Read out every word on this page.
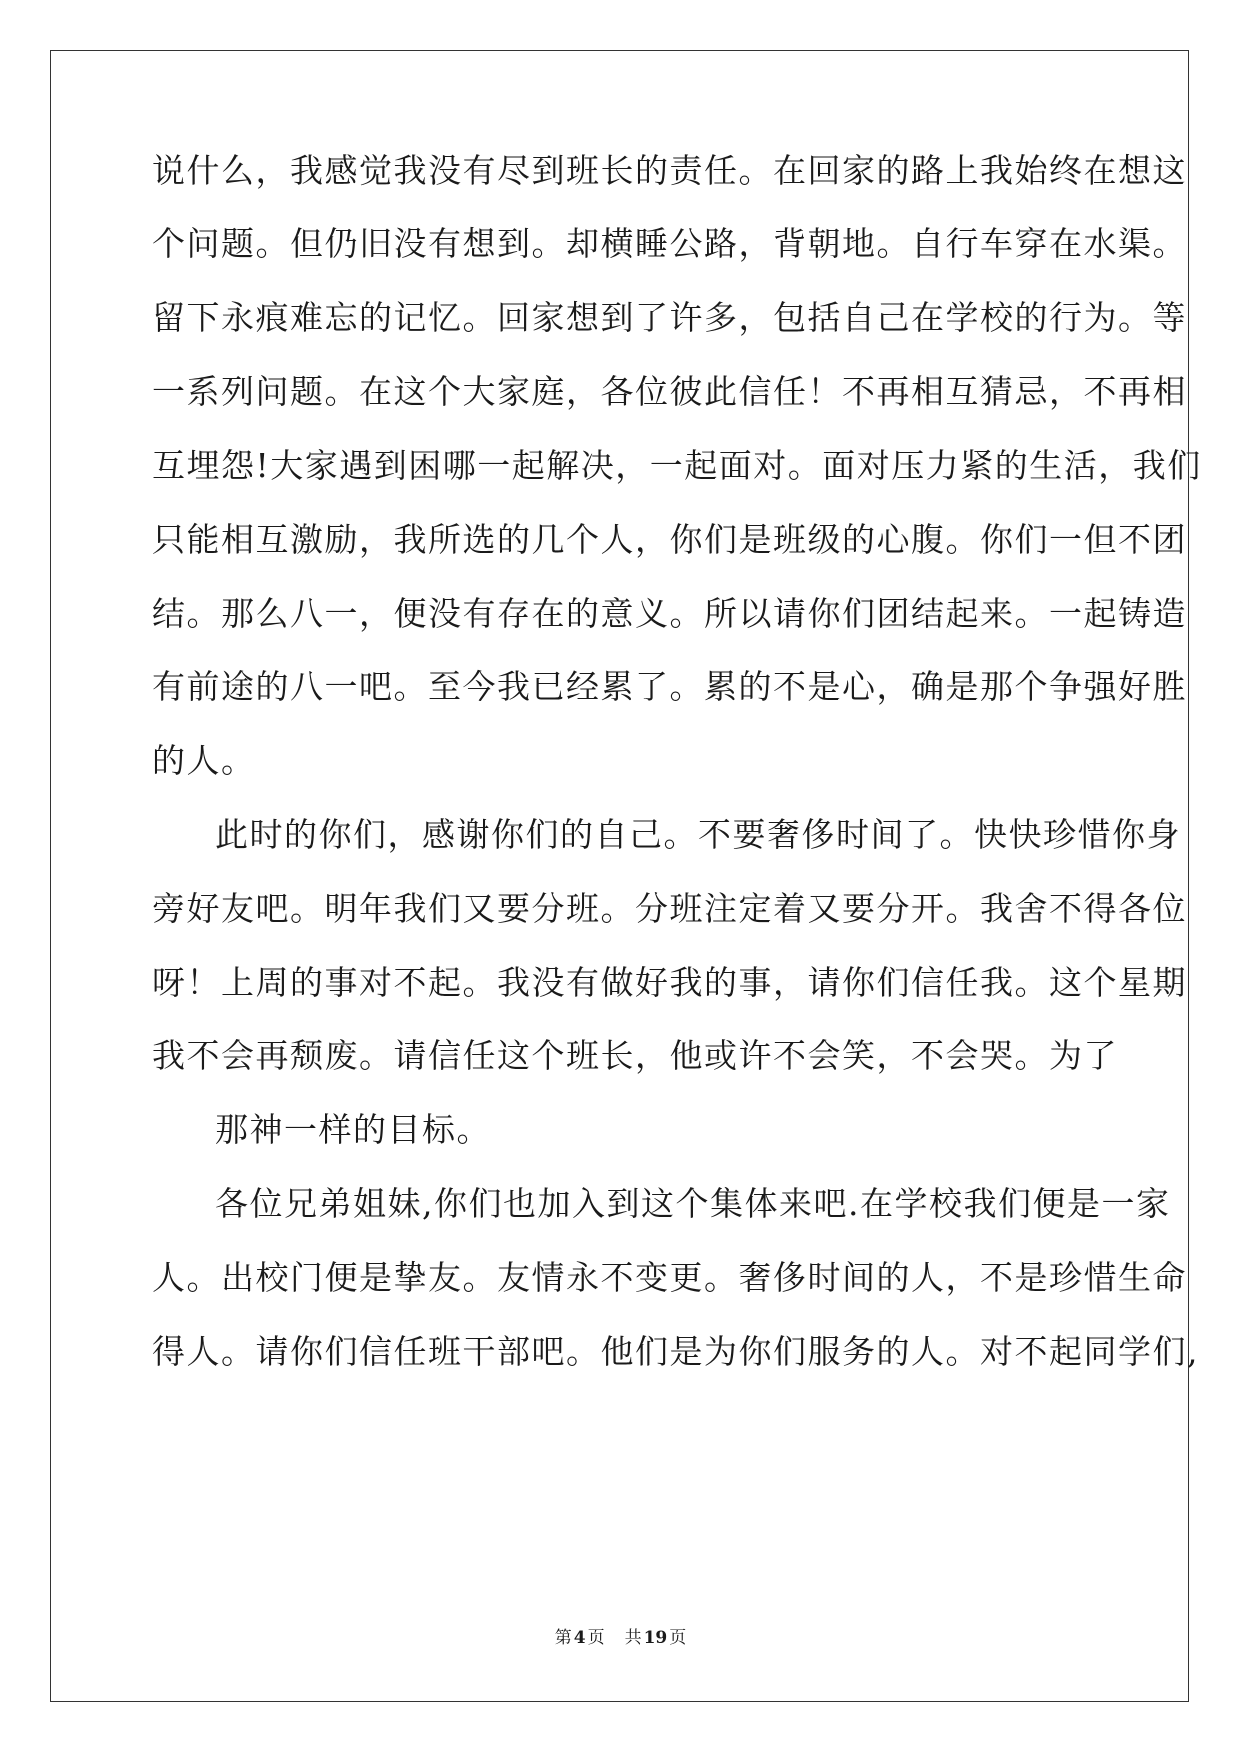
说什么，我感觉我没有尽到班长的责任。在回家的路上我始终在想这
个问题。但仍旧没有想到。却横睡公路，背朝地。自行车穿在水渠。
留下永痕难忘的记忆。回家想到了许多，包括自己在学校的行为。等
一系列问题。在这个大家庭，各位彼此信任！不再相互猜忌，不再相
互埋怨!大家遇到困哪一起解决，一起面对。面对压力紧的生活，我们
只能相互激励，我所选的几个人，你们是班级的心腹。你们一但不团
结。那么八一，便没有存在的意义。所以请你们团结起来。一起铸造
有前途的八一吧。至今我已经累了。累的不是心，确是那个争强好胜
的人。
此时的你们，感谢你们的自己。不要奢侈时间了。快快珍惜你身
旁好友吧。明年我们又要分班。分班注定着又要分开。我舍不得各位
呀！上周的事对不起。我没有做好我的事，请你们信任我。这个星期
我不会再颓废。请信任这个班长，他或许不会笑，不会哭。为了
那神一样的目标。
各位兄弟姐妹,你们也加入到这个集体来吧.在学校我们便是一家
人。出校门便是挚友。友情永不变更。奢侈时间的人，不是珍惜生命
得人。请你们信任班干部吧。他们是为你们服务的人。对不起同学们,
第 4 页 共 19 页
